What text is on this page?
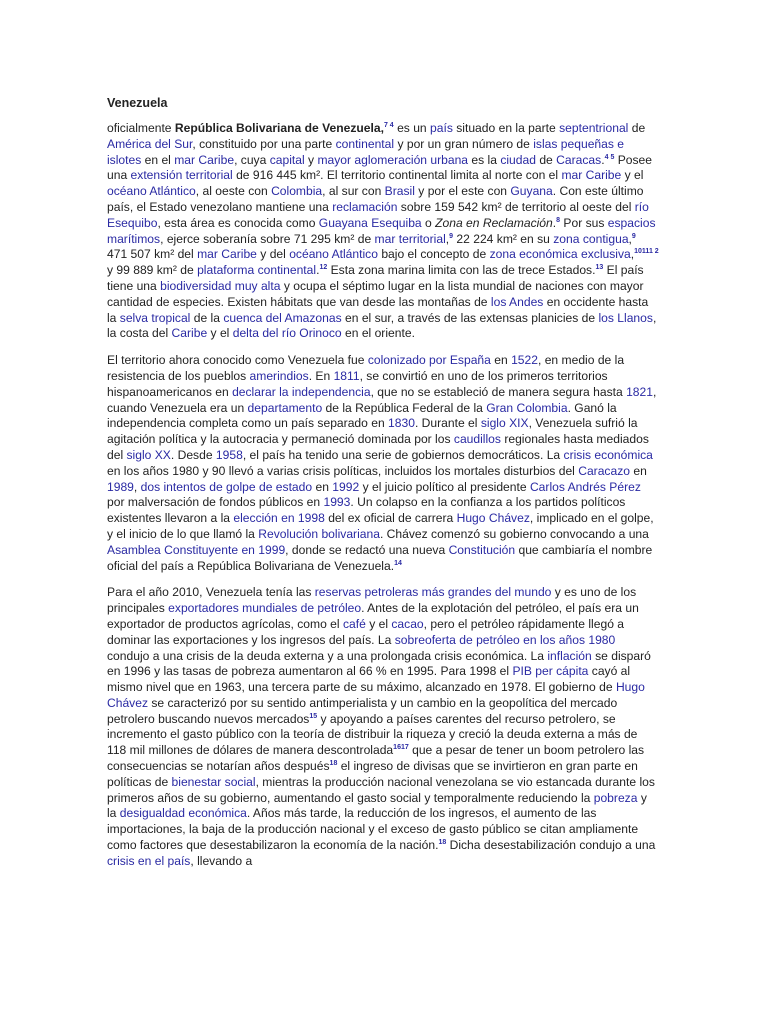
Venezuela

oficialmente República Bolivariana de Venezuela,$^{7 4}$ es un país situado en la parte septentrional de América del Sur, constituido por una parte continental y por un gran número de islas pequeñas e islotes en el mar Caribe, cuya capital y mayor aglomeración urbana es la ciudad de Caracas.$^{4 5}$ Posee una extensión territorial de 916 445 km². El territorio continental limita al norte con el mar Caribe y el océano Atlántico, al oeste con Colombia, al sur con Brasil y por el este con Guyana. Con este último país, el Estado venezolano mantiene una reclamación sobre 159 542 km² de territorio al oeste del río Esequibo, esta área es conocida como Guayana Esequiba o Zona en Reclamación.$^8$ Por sus espacios marítimos, ejerce soberanía sobre 71 295 km² de mar territorial,$^9$ 22 224 km² en su zona contigua,$^9$ 471 507 km² del mar Caribe y del océano Atlántico bajo el concepto de zona económica exclusiva,$^{10111 2}$ y 99 889 km² de plataforma continental.$^{12}$ Esta zona marina limita con las de trece Estados.$^{13}$ El país tiene una biodiversidad muy alta y ocupa el séptimo lugar en la lista mundial de naciones con mayor cantidad de especies. Existen hábitats que van desde las montañas de los Andes en occidente hasta la selva tropical de la cuenca del Amazonas en el sur, a través de las extensas planicies de los Llanos, la costa del Caribe y el delta del río Orinoco en el oriente.

El territorio ahora conocido como Venezuela fue colonizado por España en 1522, en medio de la resistencia de los pueblos amerindios. En 1811, se convirtió en uno de los primeros territorios hispanoamericanos en declarar la independencia, que no se estableció de manera segura hasta 1821, cuando Venezuela era un departamento de la República Federal de la Gran Colombia. Ganó la independencia completa como un país separado en 1830. Durante el siglo XIX, Venezuela sufrió la agitación política y la autocracia y permaneció dominada por los caudillos regionales hasta mediados del siglo XX. Desde 1958, el país ha tenido una serie de gobiernos democráticos. La crisis económica en los años 1980 y 90 llevó a varias crisis políticas, incluidos los mortales disturbios del Caracazo en 1989, dos intentos de golpe de estado en 1992 y el juicio político al presidente Carlos Andrés Pérez por malversación de fondos públicos en 1993. Un colapso en la confianza a los partidos políticos existentes llevaron a la elección en 1998 del ex oficial de carrera Hugo Chávez, implicado en el golpe, y el inicio de lo que llamó la Revolución bolivariana. Chávez comenzó su gobierno convocando a una Asamblea Constituyente en 1999, donde se redactó una nueva Constitución que cambiaría el nombre oficial del país a República Bolivariana de Venezuela.$^{14}$

Para el año 2010, Venezuela tenía las reservas petroleras más grandes del mundo y es uno de los principales exportadores mundiales de petróleo. Antes de la explotación del petróleo, el país era un exportador de productos agrícolas, como el café y el cacao, pero el petróleo rápidamente llegó a dominar las exportaciones y los ingresos del país. La sobreoferta de petróleo en los años 1980 condujo a una crisis de la deuda externa y a una prolongada crisis económica. La inflación se disparó en 1996 y las tasas de pobreza aumentaron al 66 % en 1995. Para 1998 el PIB per cápita cayó al mismo nivel que en 1963, una tercera parte de su máximo, alcanzado en 1978. El gobierno de Hugo Chávez se caracterizó por su sentido antimperialista y un cambio en la geopolítica del mercado petrolero buscando nuevos mercados$^{15}$ y apoyando a países carentes del recurso petrolero, se incremento el gasto público con la teoría de distribuir la riqueza y creció la deuda externa a más de 118 mil millones de dólares de manera descontrolada$^{1617}$ que a pesar de tener un boom petrolero las consecuencias se notarían años después$^{18}$ el ingreso de divisas que se invirtieron en gran parte en políticas de bienestar social, mientras la producción nacional venezolana se vio estancada durante los primeros años de su gobierno, aumentando el gasto social y temporalmente reduciendo la pobreza y la desigualdad económica. Años más tarde, la reducción de los ingresos, el aumento de las importaciones, la baja de la producción nacional y el exceso de gasto público se citan ampliamente como factores que desestabilizaron la economía de la nación.$^{18}$ Dicha desestabilización condujo a una crisis en el país, llevando a
